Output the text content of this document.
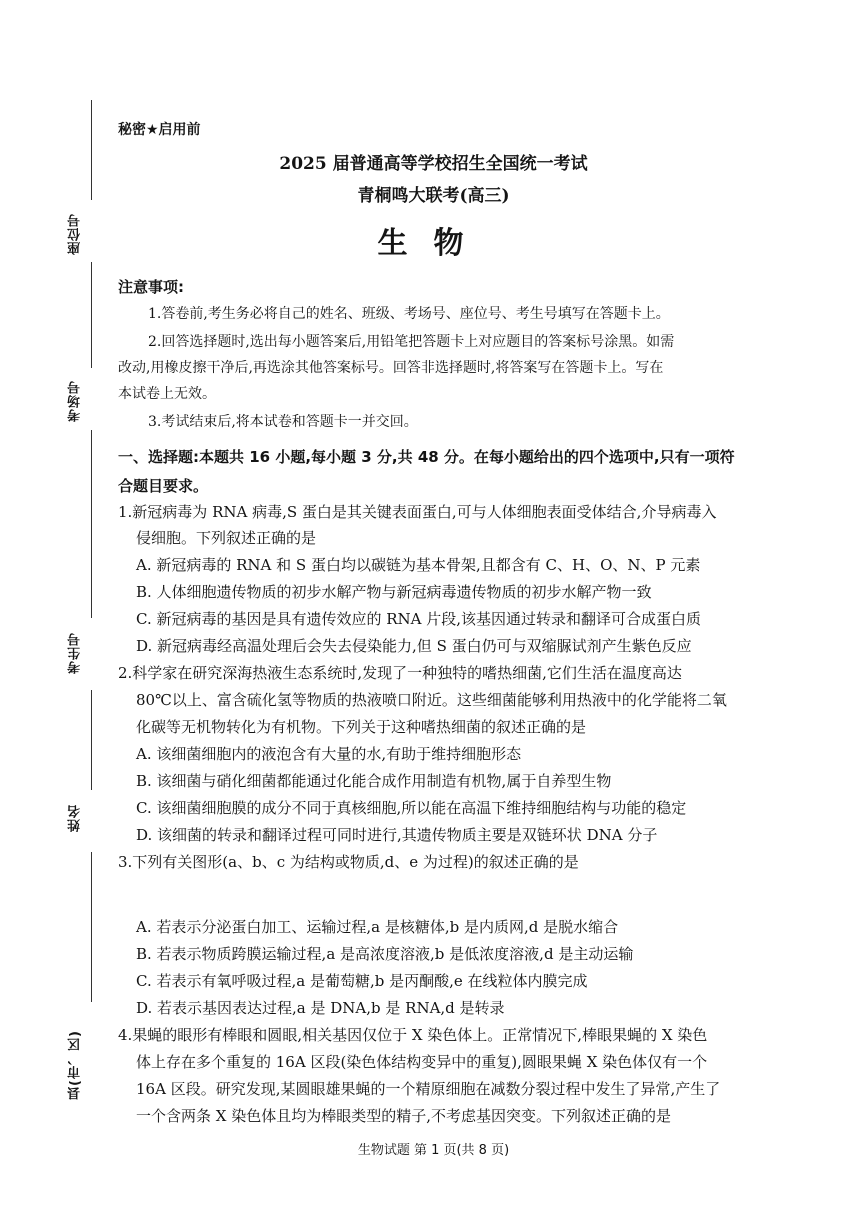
座位号
考场号
考生号
姓名
县(市、区)
秘密★启用前
2025 届普通高等学校招生全国统一考试
青桐鸣大联考(高三)
生物
注意事项:
1.答卷前,考生务必将自己的姓名、班级、考场号、座位号、考生号填写在答题卡上。
2.回答选择题时,选出每小题答案后,用铅笔把答题卡上对应题目的答案标号涂黑。如需
改动,用橡皮擦干净后,再选涂其他答案标号。回答非选择题时,将答案写在答题卡上。写在
本试卷上无效。
3.考试结束后,将本试卷和答题卡一并交回。
一、选择题:本题共 16 小题,每小题 3 分,共 48 分。在每小题给出的四个选项中,只有一项符
合题目要求。
1.新冠病毒为 RNA 病毒,S 蛋白是其关键表面蛋白,可与人体细胞表面受体结合,介导病毒入
侵细胞。下列叙述正确的是
A. 新冠病毒的 RNA 和 S 蛋白均以碳链为基本骨架,且都含有 C、H、O、N、P 元素
B. 人体细胞遗传物质的初步水解产物与新冠病毒遗传物质的初步水解产物一致
C. 新冠病毒的基因是具有遗传效应的 RNA 片段,该基因通过转录和翻译可合成蛋白质
D. 新冠病毒经高温处理后会失去侵染能力,但 S 蛋白仍可与双缩脲试剂产生紫色反应
2.科学家在研究深海热液生态系统时,发现了一种独特的嗜热细菌,它们生活在温度高达
80℃以上、富含硫化氢等物质的热液喷口附近。这些细菌能够利用热液中的化学能将二氧
化碳等无机物转化为有机物。下列关于这种嗜热细菌的叙述正确的是
A. 该细菌细胞内的液泡含有大量的水,有助于维持细胞形态
B. 该细菌与硝化细菌都能通过化能合成作用制造有机物,属于自养型生物
C. 该细菌细胞膜的成分不同于真核细胞,所以能在高温下维持细胞结构与功能的稳定
D. 该细菌的转录和翻译过程可同时进行,其遗传物质主要是双链环状 DNA 分子
3.下列有关图形(a、b、c 为结构或物质,d、e 为过程)的叙述正确的是
A. 若表示分泌蛋白加工、运输过程,a 是核糖体,b 是内质网,d 是脱水缩合
B. 若表示物质跨膜运输过程,a 是高浓度溶液,b 是低浓度溶液,d 是主动运输
C. 若表示有氧呼吸过程,a 是葡萄糖,b 是丙酮酸,e 在线粒体内膜完成
D. 若表示基因表达过程,a 是 DNA,b 是 RNA,d 是转录
4.果蝇的眼形有棒眼和圆眼,相关基因仅位于 X 染色体上。正常情况下,棒眼果蝇的 X 染色
体上存在多个重复的 16A 区段(染色体结构变异中的重复),圆眼果蝇 X 染色体仅有一个
16A 区段。研究发现,某圆眼雄果蝇的一个精原细胞在减数分裂过程中发生了异常,产生了
一个含两条 X 染色体且均为棒眼类型的精子,不考虑基因突变。下列叙述正确的是
生物试题 第 1 页(共 8 页)
